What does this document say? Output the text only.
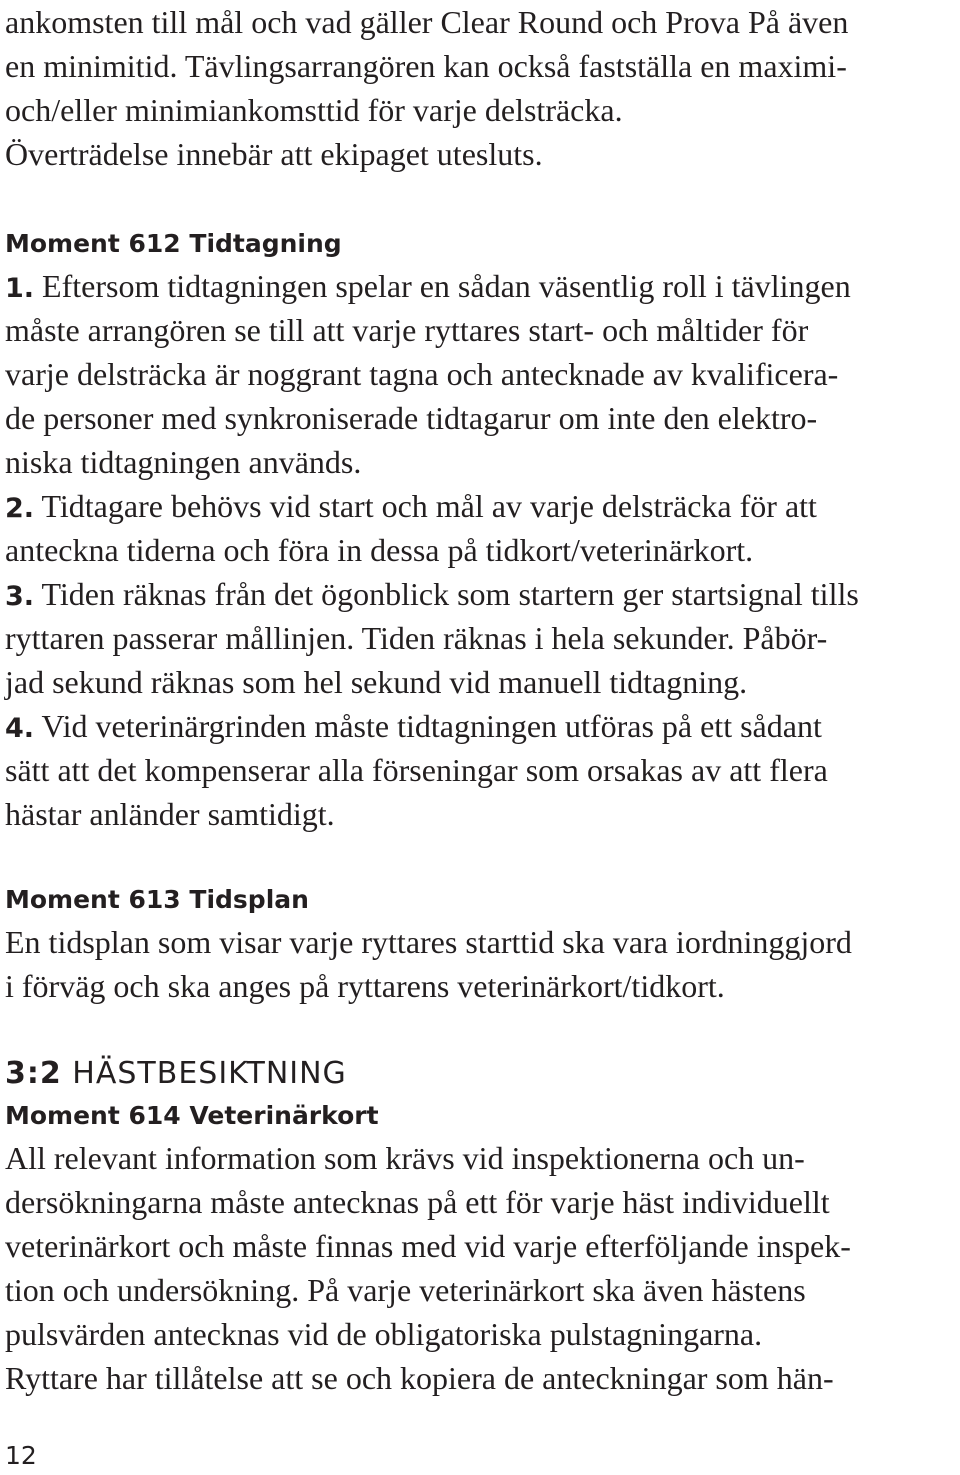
ankomsten till mål och vad gäller Clear Round och Prova På även
en minimitid. Tävlingsarrangören kan också fastställa en maximi-
och/eller minimiankomsttid för varje delsträcka.
Överträdelse innebär att ekipaget utesluts.
Moment 612 Tidtagning
1. Eftersom tidtagningen spelar en sådan väsentlig roll i tävlingen
måste arrangören se till att varje ryttares start- och måltider för
varje delsträcka är noggrant tagna och antecknade av kvalificera-
de personer med synkroniserade tidtagarur om inte den elektro-
niska tidtagningen används.
2. Tidtagare behövs vid start och mål av varje delsträcka för att
anteckna tiderna och föra in dessa på tidkort/veterinärkort.
3. Tiden räknas från det ögonblick som startern ger startsignal tills
ryttaren passerar mållinjen. Tiden räknas i hela sekunder. Påbör-
jad sekund räknas som hel sekund vid manuell tidtagning.
4. Vid veterinärgrinden måste tidtagningen utföras på ett sådant
sätt att det kompenserar alla förseningar som orsakas av att flera
hästar anländer samtidigt.
Moment 613 Tidsplan
En tidsplan som visar varje ryttares starttid ska vara iordninggjord
i förväg och ska anges på ryttarens veterinärkort/tidkort.
3:2 HÄSTBESIKTNING
Moment 614 Veterinärkort
All relevant information som krävs vid inspektionerna och un-
dersökningarna måste antecknas på ett för varje häst individuellt
veterinärkort och måste finnas med vid varje efterföljande inspek-
tion och undersökning. På varje veterinärkort ska även hästens
pulsvärden antecknas vid de obligatoriska pulstagningarna.
Ryttare har tillåtelse att se och kopiera de anteckningar som hän-
12
